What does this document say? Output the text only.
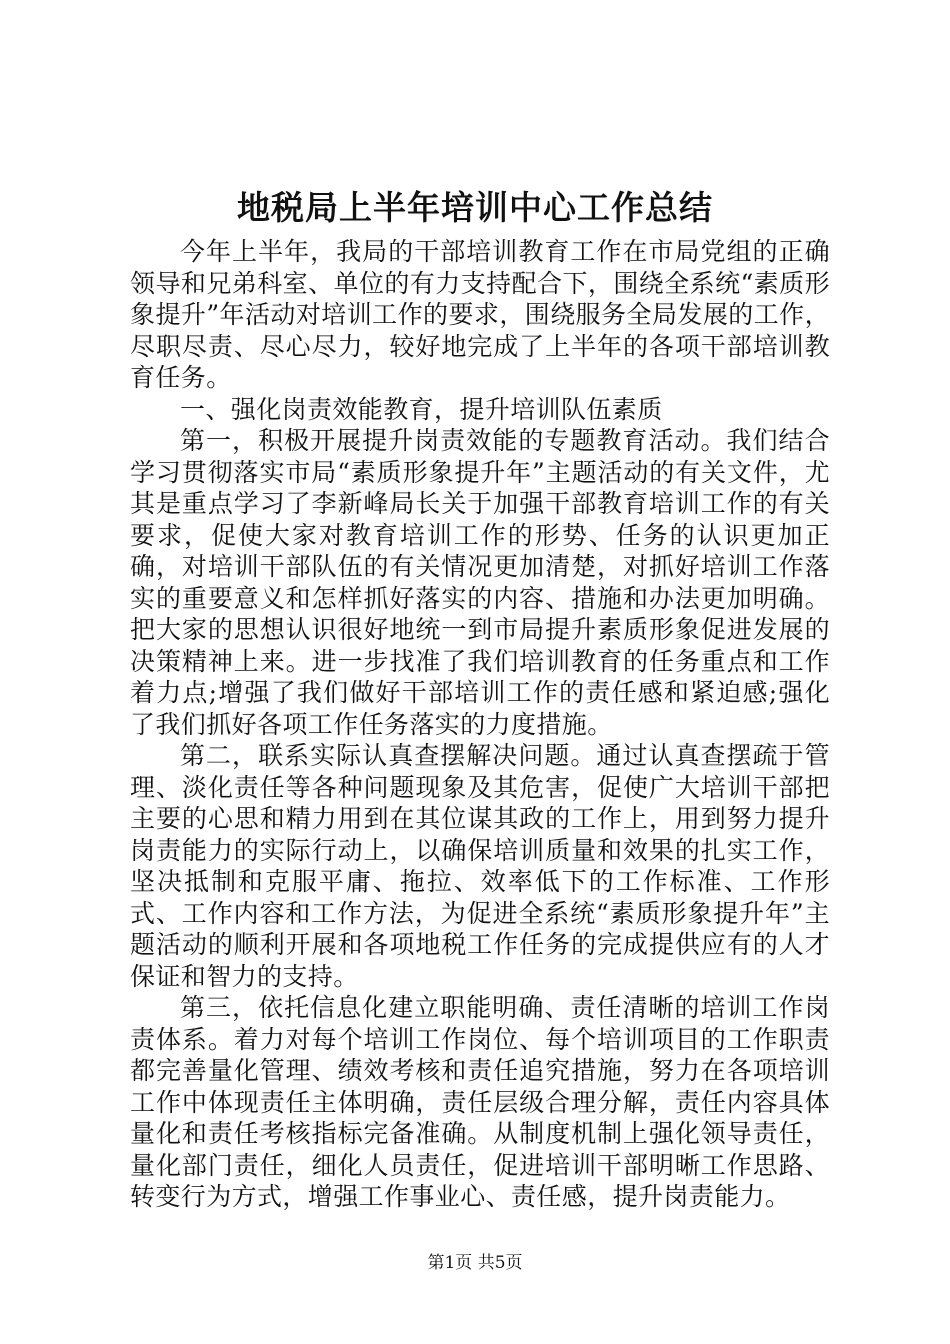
地税局上半年培训中心工作总结

今年上半年，我局的干部培训教育工作在市局党组的正确领导和兄弟科室、单位的有力支持配合下，围绕全系统“素质形象提升”年活动对培训工作的要求，围绕服务全局发展的工作，尽职尽责、尽心尽力，较好地完成了上半年的各项干部培训教育任务。

一、强化岗责效能教育，提升培训队伍素质

第一，积极开展提升岗责效能的专题教育活动。我们结合学习贯彻落实市局“素质形象提升年”主题活动的有关文件，尤其是重点学习了李新峰局长关于加强干部教育培训工作的有关要求，促使大家对教育培训工作的形势、任务的认识更加正确，对培训干部队伍的有关情况更加清楚，对抓好培训工作落实的重要意义和怎样抓好落实的内容、措施和办法更加明确。把大家的思想认识很好地统一到市局提升素质形象促进发展的决策精神上来。进一步找准了我们培训教育的任务重点和工作着力点;增强了我们做好干部培训工作的责任感和紧迫感;强化了我们抓好各项工作任务落实的力度措施。

第二，联系实际认真查摆解决问题。通过认真查摆疏于管理、淡化责任等各种问题现象及其危害，促使广大培训干部把主要的心思和精力用到在其位谋其政的工作上，用到努力提升岗责能力的实际行动上，以确保培训质量和效果的扎实工作，坚决抵制和克服平庸、拖拉、效率低下的工作标准、工作形式、工作内容和工作方法，为促进全系统“素质形象提升年”主题活动的顺利开展和各项地税工作任务的完成提供应有的人才保证和智力的支持。

第三，依托信息化建立职能明确、责任清晰的培训工作岗责体系。着力对每个培训工作岗位、每个培训项目的工作职责都完善量化管理、绩效考核和责任追究措施，努力在各项培训工作中体现责任主体明确，责任层级合理分解，责任内容具体量化和责任考核指标完备准确。从制度机制上强化领导责任，量化部门责任，细化人员责任，促进培训干部明晰工作思路、转变行为方式，增强工作事业心、责任感，提升岗责能力。

第1页 共5页
